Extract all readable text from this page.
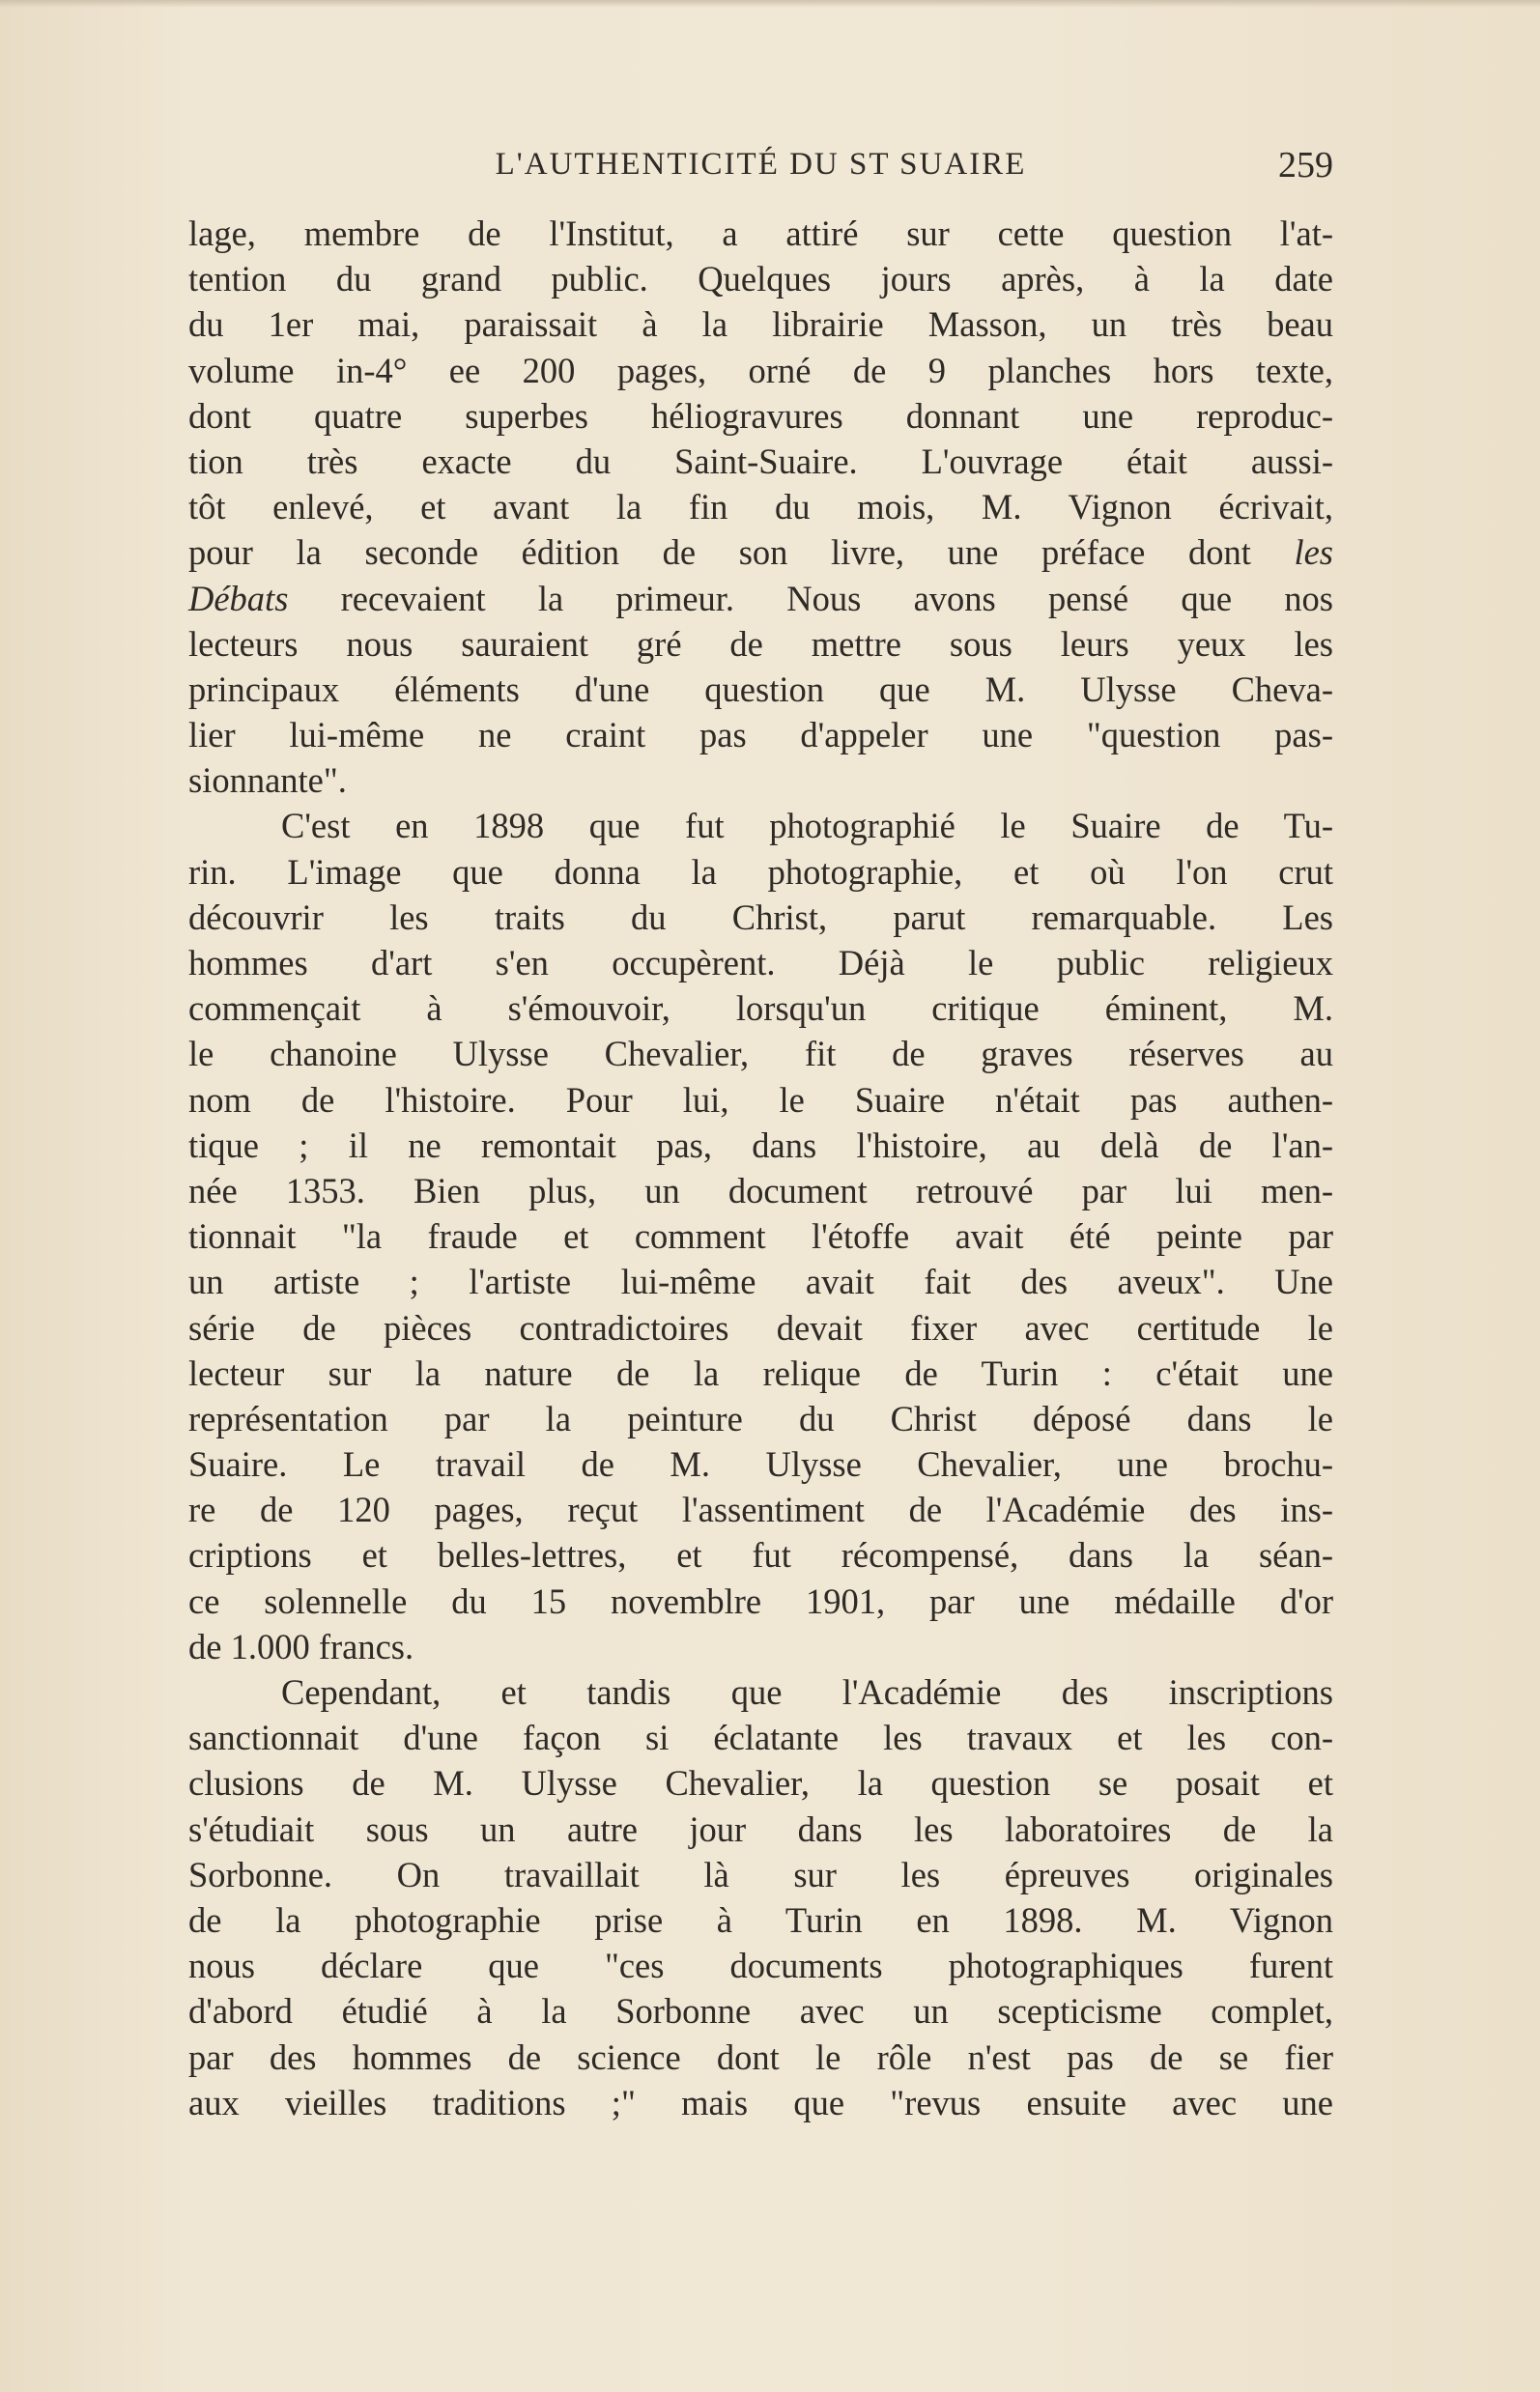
L'AUTHENTICITÉ DU ST SUAIRE	259
lage, membre de l'Institut, a attiré sur cette question l'at-
tention du grand public. Quelques jours après, à la date
du 1er mai, paraissait à la librairie Masson, un très beau
volume in-4° ee 200 pages, orné de 9 planches hors texte,
dont quatre superbes héliogravures donnant une reproduc-
tion très exacte du Saint-Suaire. L'ouvrage était aussi-
tôt enlevé, et avant la fin du mois, M. Vignon écrivait,
pour la seconde édition de son livre, une préface dont les
Débats recevaient la primeur. Nous avons pensé que nos
lecteurs nous sauraient gré de mettre sous leurs yeux les
principaux éléments d'une question que M. Ulysse Cheva-
lier lui-même ne craint pas d'appeler une "question pas-
sionnante".
C'est en 1898 que fut photographié le Suaire de Tu-
rin. L'image que donna la photographie, et où l'on crut
découvrir les traits du Christ, parut remarquable. Les
hommes d'art s'en occupèrent. Déjà le public religieux
commençait à s'émouvoir, lorsqu'un critique éminent, M.
le chanoine Ulysse Chevalier, fit de graves réserves au
nom de l'histoire. Pour lui, le Suaire n'était pas authen-
tique ; il ne remontait pas, dans l'histoire, au delà de l'an-
née 1353. Bien plus, un document retrouvé par lui men-
tionnait "la fraude et comment l'étoffe avait été peinte par
un artiste ; l'artiste lui-même avait fait des aveux". Une
série de pièces contradictoires devait fixer avec certitude le
lecteur sur la nature de la relique de Turin : c'était une
représentation par la peinture du Christ déposé dans le
Suaire. Le travail de M. Ulysse Chevalier, une brochu-
re de 120 pages, reçut l'assentiment de l'Académie des ins-
criptions et belles-lettres, et fut récompensé, dans la séan-
ce solennelle du 15 novemblre 1901, par une médaille d'or
de 1.000 francs.
Cependant, et tandis que l'Académie des inscriptions
sanctionnait d'une façon si éclatante les travaux et les con-
clusions de M. Ulysse Chevalier, la question se posait et
s'étudiait sous un autre jour dans les laboratoires de la
Sorbonne. On travaillait là sur les épreuves originales
de la photographie prise à Turin en 1898. M. Vignon
nous déclare que "ces documents photographiques furent
d'abord étudié à la Sorbonne avec un scepticisme complet,
par des hommes de science dont le rôle n'est pas de se fier
aux vieilles traditions ;" mais que "revus ensuite avec une
